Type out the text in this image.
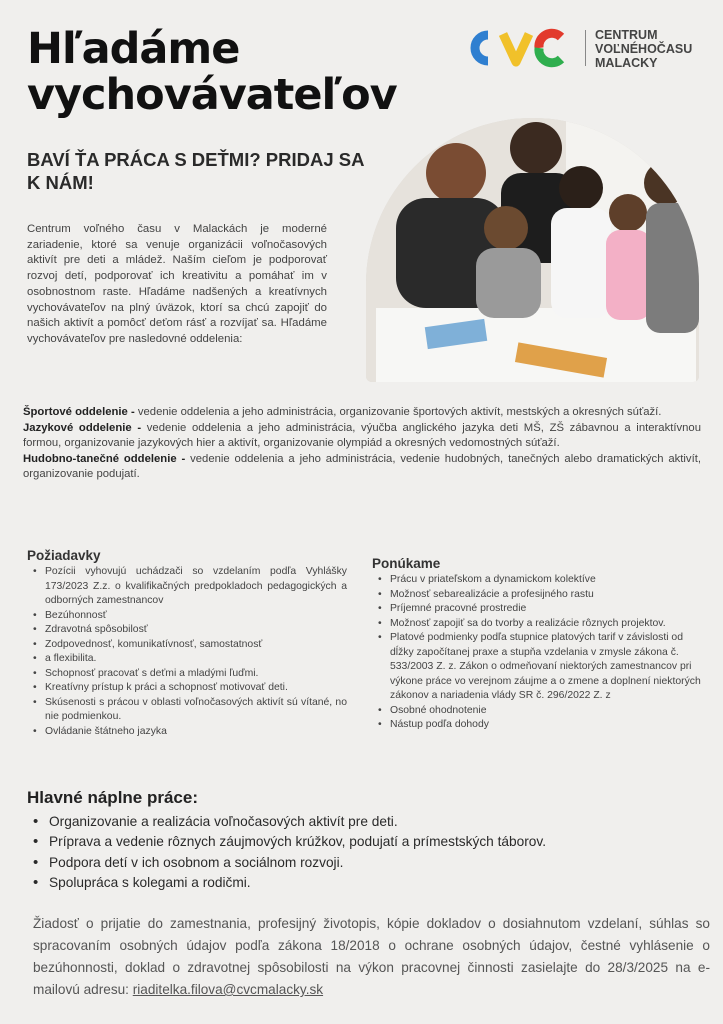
Hľadáme
vychovávateľov
CENTRUM
VOĽNÉHOČASU
MALACKY
BAVÍ ŤA PRÁCA S DEŤMI? PRIDAJ SA K NÁM!

Centrum voľného času v Malackách je moderné zariadenie, ktoré sa venuje organizácii voľnočasových aktivít pre deti a mládež. Naším cieľom je podporovať rozvoj detí, podporovať ich kreativitu a pomáhať im v osobnostnom raste. Hľadáme nadšených a kreatívnych vychovávateľov na plný úväzok, ktorí sa chcú zapojiť do našich aktivít a pomôcť deťom rásť a rozvíjať sa. Hľadáme vychovávateľov pre nasledovné oddelenia:

Športové oddelenie - vedenie oddelenia a jeho administrácia, organizovanie športových aktivít, mestských a okresných súťaží.

Jazykové oddelenie - vedenie oddelenia a jeho administrácia, výučba anglického jazyka deti MŠ, ZŠ zábavnou a interaktívnou formou, organizovanie jazykových hier a aktivít, organizovanie olympiád a okresných vedomostných súťaží.

Hudobno-tanečné oddelenie - vedenie oddelenia a jeho administrácia, vedenie hudobných, tanečných alebo dramatických aktivít, organizovanie podujatí.

Požiadavky
• Pozícii vyhovujú uchádzači so vzdelaním podľa Vyhlášky 173/2023 Z.z. o kvalifikačných predpokladoch pedagogických a odborných zamestnancov
• Bezúhonnosť
• Zdravotná spôsobilosť
• Zodpovednosť, komunikatívnosť, samostatnosť
• a flexibilita.
• Schopnosť pracovať s deťmi a mladými ľuďmi.
• Kreatívny prístup k práci a schopnosť motivovať deti.
• Skúsenosti s prácou v oblasti voľnočasových aktivít sú vítané, no nie podmienkou.
• Ovládanie štátneho jazyka
Ponúkame
• Prácu v priateľskom a dynamickom kolektíve
• Možnosť sebarealizácie a profesijného rastu
• Príjemné pracovné prostredie
• Možnosť zapojiť sa do tvorby a realizácie rôznych projektov.
• Platové podmienky podľa stupnice platových tarif v závislosti od dĺžky započítanej praxe a stupňa vzdelania v zmysle zákona č. 533/2003 Z. z. Zákon o odmeňovaní niektorých zamestnancov pri výkone práce vo verejnom záujme a o zmene a doplnení niektorých zákonov a nariadenia vlády SR č. 296/2022 Z. z
• Osobné ohodnotenie
• Nástup podľa dohody
Hlavné náplne práce:
• Organizovanie a realizácia voľnočasových aktivít pre deti.
• Príprava a vedenie rôznych záujmových krúžkov, podujatí a prímestských táborov.
• Podpora detí v ich osobnom a sociálnom rozvoji.
• Spolupráca s kolegami a rodičmi.

Žiadosť o prijatie do zamestnania, profesijný životopis, kópie dokladov o dosiahnutom vzdelaní, súhlas so spracovaním osobných údajov podľa zákona 18/2018 o ochrane osobných údajov, čestné vyhlásenie o bezúhonnosti, doklad o zdravotnej spôsobilosti na výkon pracovnej činnosti zasielajte do 28/3/2025 na e-mailovú adresu: riaditelka.filova@cvcmalacky.sk
